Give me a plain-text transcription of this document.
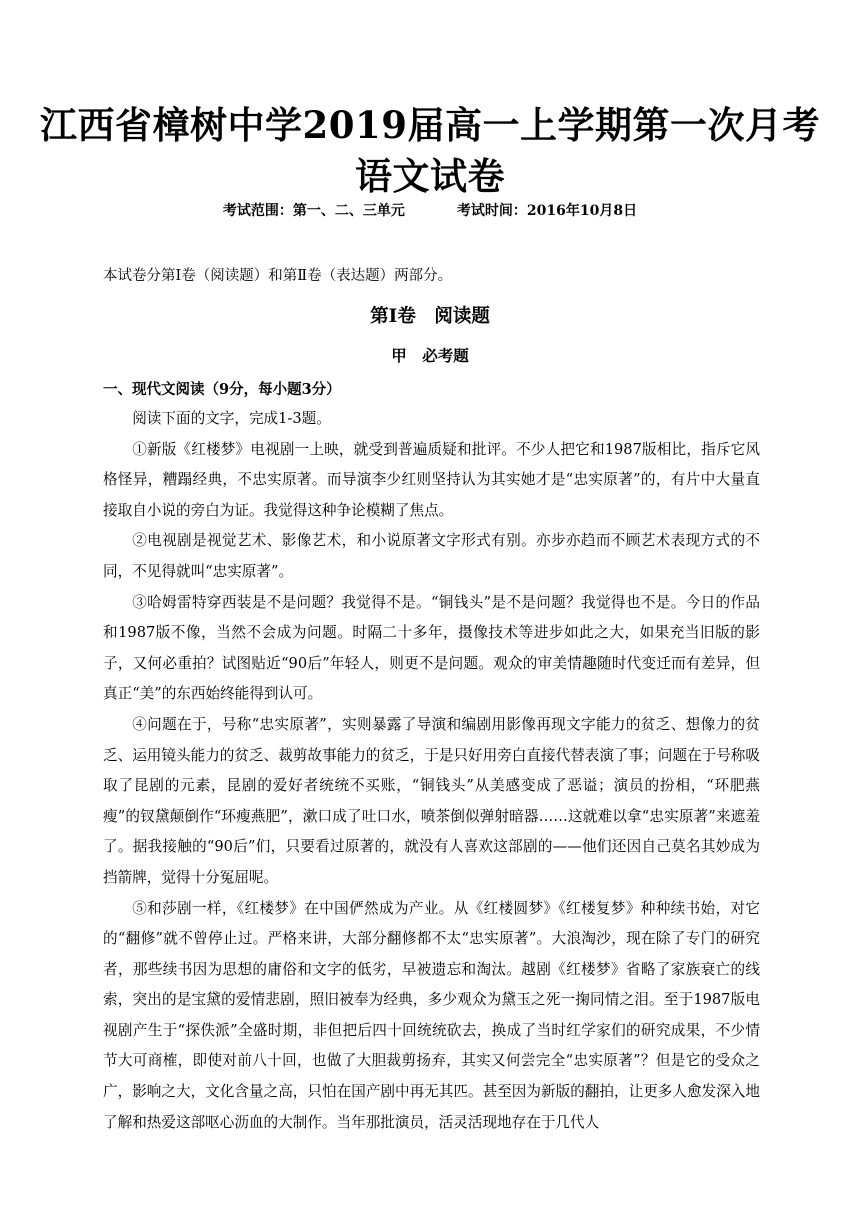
江西省樟树中学2019届高一上学期第一次月考
语文试卷
考试范围：第一、二、三单元	考试时间：2016年10月8日
本试卷分第Ⅰ卷（阅读题）和第Ⅱ卷（表达题）两部分。
第Ⅰ卷　阅读题
甲　必考题
一、现代文阅读（9分，每小题3分）

阅读下面的文字，完成1-3题。

①新版《红楼梦》电视剧一上映，就受到普遍质疑和批评。不少人把它和1987版相比，指斥它风格怪异，糟蹋经典，不忠实原著。而导演李少红则坚持认为其实她才是“忠实原著”的，有片中大量直接取自小说的旁白为证。我觉得这种争论模糊了焦点。

②电视剧是视觉艺术、影像艺术，和小说原著文字形式有别。亦步亦趋而不顾艺术表现方式的不同，不见得就叫“忠实原著”。

③哈姆雷特穿西装是不是问题？我觉得不是。“铜钱头”是不是问题？我觉得也不是。今日的作品和1987版不像，当然不会成为问题。时隔二十多年，摄像技术等进步如此之大，如果充当旧版的影子，又何必重拍？试图贴近“90后”年轻人，则更不是问题。观众的审美情趣随时代变迁而有差异，但真正“美”的东西始终能得到认可。

④问题在于，号称“忠实原著”，实则暴露了导演和编剧用影像再现文字能力的贫乏、想像力的贫乏、运用镜头能力的贫乏、裁剪故事能力的贫乏，于是只好用旁白直接代替表演了事；问题在于号称吸取了昆剧的元素，昆剧的爱好者统统不买账，“铜钱头”从美感变成了恶谥；演员的扮相，“环肥燕瘦”的钗黛颠倒作“环瘦燕肥”，漱口成了吐口水，喷茶倒似弹射暗器……这就难以拿“忠实原著”来遮羞了。据我接触的“90后”们，只要看过原著的，就没有人喜欢这部剧的——他们还因自己莫名其妙成为挡箭牌，觉得十分冤屈呢。

⑤和莎剧一样，《红楼梦》在中国俨然成为产业。从《红楼圆梦》《红楼复梦》种种续书始，对它的“翻修”就不曾停止过。严格来讲，大部分翻修都不太“忠实原著”。大浪淘沙，现在除了专门的研究者，那些续书因为思想的庸俗和文字的低劣，早被遗忘和淘汰。越剧《红楼梦》省略了家族衰亡的线索，突出的是宝黛的爱情悲剧，照旧被奉为经典，多少观众为黛玉之死一掬同情之泪。至于1987版电视剧产生于“探佚派”全盛时期，非但把后四十回统统砍去，换成了当时红学家们的研究成果，不少情节大可商榷，即使对前八十回，也做了大胆裁剪扬弃，其实又何尝完全“忠实原著”？但是它的受众之广，影响之大，文化含量之高，只怕在国产剧中再无其匹。甚至因为新版的翻拍，让更多人愈发深入地了解和热爱这部呕心沥血的大制作。当年那批演员，活灵活现地存在于几代人
